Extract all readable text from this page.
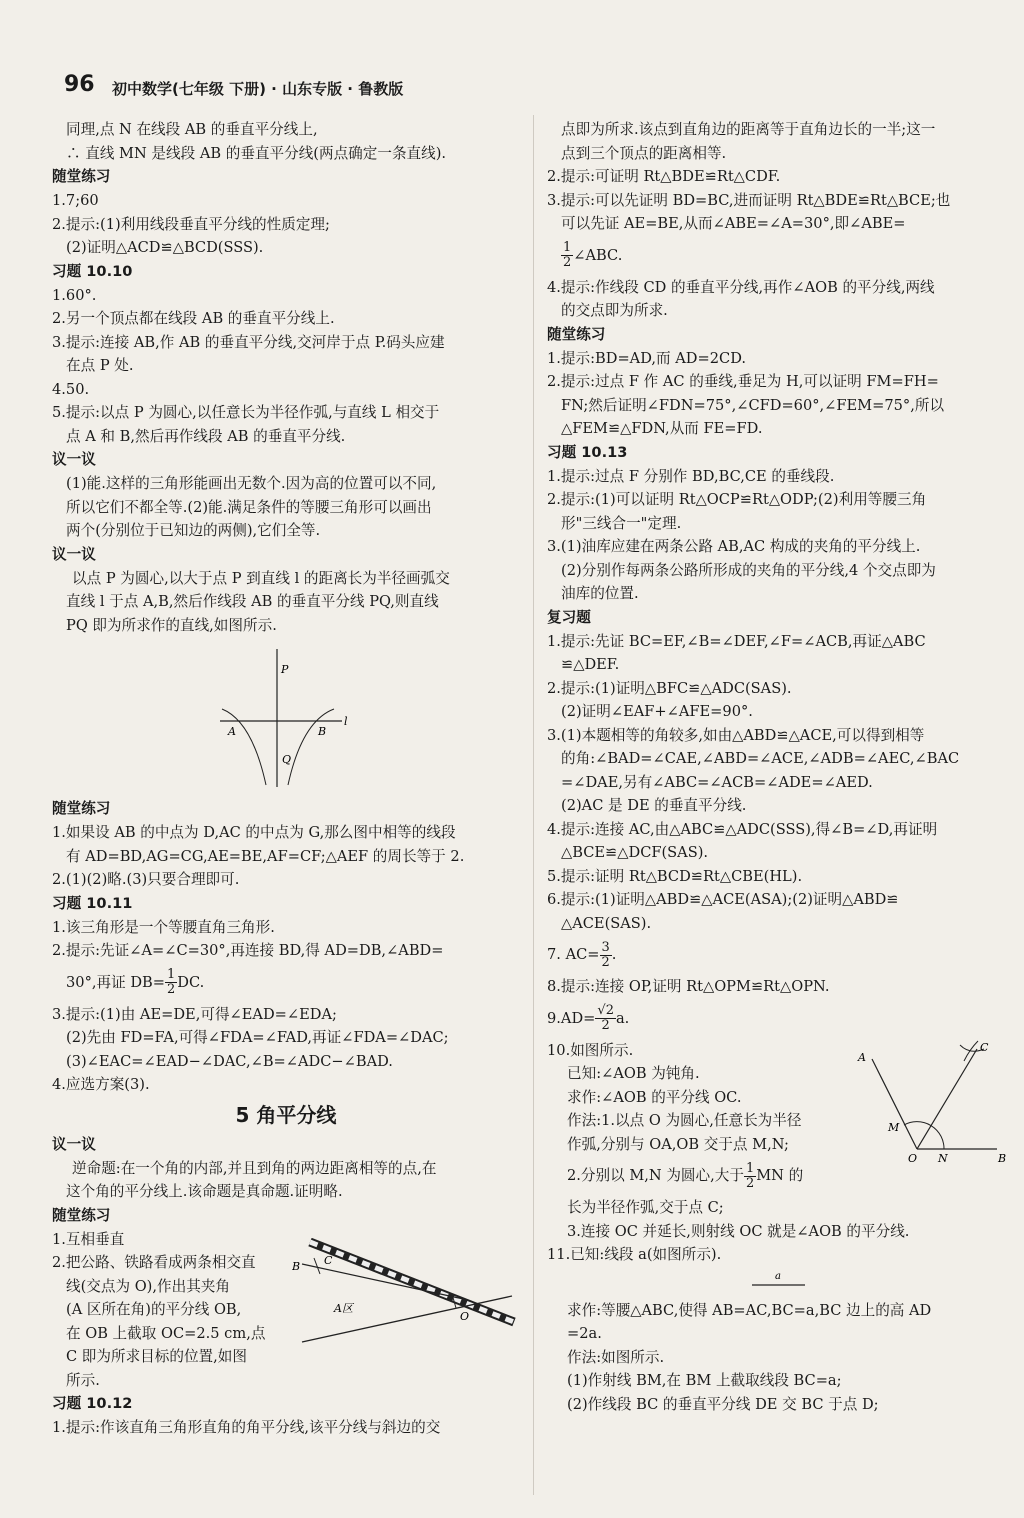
96 初中数学(七年级 下册) · 山东专版 · 鲁教版
同理,点 N 在线段 AB 的垂直平分线上,
∴ 直线 MN 是线段 AB 的垂直平分线(两点确定一条直线).
随堂练习
1.7;60
2.提示:(1)利用线段垂直平分线的性质定理;
(2)证明△ACD≌△BCD(SSS).
习题 10.10
1.60°.
2.另一个顶点都在线段 AB 的垂直平分线上.
3.提示:连接 AB,作 AB 的垂直平分线,交河岸于点 P.码头应建
在点 P 处.
4.50.
5.提示:以点 P 为圆心,以任意长为半径作弧,与直线 L 相交于
点 A 和 B,然后再作线段 AB 的垂直平分线.
议一议
(1)能.这样的三角形能画出无数个.因为高的位置可以不同,
所以它们不都全等.(2)能.满足条件的等腰三角形可以画出
两个(分别位于已知边的两侧),它们全等.
议一议
以点 P 为圆心,以大于点 P 到直线 l 的距离长为半径画弧交
直线 l 于点 A,B,然后作线段 AB 的垂直平分线 PQ,则直线
PQ 即为所求作的直线,如图所示.
P
A	B
l
Q
随堂练习
1.如果设 AB 的中点为 D,AC 的中点为 G,那么图中相等的线段
有 AD=BD,AG=CG,AE=BE,AF=CF;△AEF 的周长等于 2.
2.(1)(2)略.(3)只要合理即可.
习题 10.11
1.该三角形是一个等腰直角三角形.
2.提示:先证∠A=∠C=30°,再连接 BD,得 AD=DB,∠ABD=
30°,再证 $DB= \frac{1}{2}$ DC.
3.提示:(1)由 AE=DE,可得∠EAD=∠EDA;
(2)先由 FD=FA,可得∠FDA=∠FAD,再证∠FDA=∠DAC;
(3)∠EAC=∠EAD−∠DAC,∠B=∠ADC−∠BAD.
4.应选方案(3).
5 角平分线
议一议
逆命题:在一个角的内部,并且到角的两边距离相等的点,在
这个角的平分线上.该命题是真命题.证明略.
随堂练习
1.互相垂直
2.把公路、铁路看成两条相交直
线(交点为 O),作出其夹角
(A 区所在角)的平分线 OB,
在 OB 上截取 OC=2.5 cm,点
C 即为所求目标的位置,如图
所示.
B C
A区
O
习题 10.12
1.提示:作该直角三角形直角的角平分线,该平分线与斜边的交
点即为所求.该点到直角边的距离等于直角边长的一半;这一
点到三个顶点的距离相等.
2.提示:可证明 Rt△BDE≌Rt△CDF.
3.提示:可以先证明 BD=BC,进而证明 Rt△BDE≌Rt△BCE;也
可以先证 AE=BE,从而∠ABE=∠A=30°,即∠ABE=
$\frac{1}{2}$ ∠ABC.
4.提示:作线段 CD 的垂直平分线,再作∠AOB 的平分线,两线
的交点即为所求.
随堂练习
1.提示:BD=AD,而 AD=2CD.
2.提示:过点 F 作 AC 的垂线,垂足为 H,可以证明 FM=FH=
FN;然后证明∠FDN=75°,∠CFD=60°,∠FEM=75°,所以
△FEM≌△FDN,从而 FE=FD.
习题 10.13
1.提示:过点 F 分别作 BD,BC,CE 的垂线段.
2.提示:(1)可以证明 Rt△OCP≌Rt△ODP;(2)利用等腰三角
形"三线合一"定理.
3.(1)油库应建在两条公路 AB,AC 构成的夹角的平分线上.
(2)分别作每两条公路所形成的夹角的平分线,4 个交点即为
油库的位置.
复习题
1.提示:先证 BC=EF,∠B=∠DEF,∠F=∠ACB,再证△ABC
≌△DEF.
2.提示:(1)证明△BFC≌△ADC(SAS).
(2)证明∠EAF+∠AFE=90°.
3.(1)本题相等的角较多,如由△ABD≌△ACE,可以得到相等
的角:∠BAD=∠CAE,∠ABD=∠ACE,∠ADB=∠AEC,∠BAC
=∠DAE,另有∠ABC=∠ACB=∠ADE=∠AED.
(2)AC 是 DE 的垂直平分线.
4.提示:连接 AC,由△ABC≌△ADC(SSS),得∠B=∠D,再证明
△BCE≌△DCF(SAS).
5.提示:证明 Rt△BCD≌Rt△CBE(HL).
6.提示:(1)证明△ABD≌△ACE(ASA);(2)证明△ABD≌
△ACE(SAS).
7. $AC= \frac{3}{2}$ .
8.提示:连接 OP,证明 Rt△OPM≌Rt△OPN.
$9.AD= \frac{√2}{2} a$.
10.如图所示.
已知:∠AOB 为钝角.
求作:∠AOB 的平分线 OC.
作法:1.以点 O 为圆心,任意长为半径
作弧,分别与 OA,OB 交于点 M,N;
2.分别以 M,N 为圆心,大于 $\frac{1}{2}$ MN 的
长为半径作弧,交于点 C;
3.连接 OC 并延长,则射线 OC 就是∠AOB 的平分线.
A
C
M
O N	B
11.已知:线段 a(如图所示).
a
求作:等腰△ABC,使得 AB=AC,BC=a,BC 边上的高 AD
=2a.
作法:如图所示.
(1)作射线 BM,在 BM 上截取线段 BC=a;
(2)作线段 BC 的垂直平分线 DE 交 BC 于点 D;
